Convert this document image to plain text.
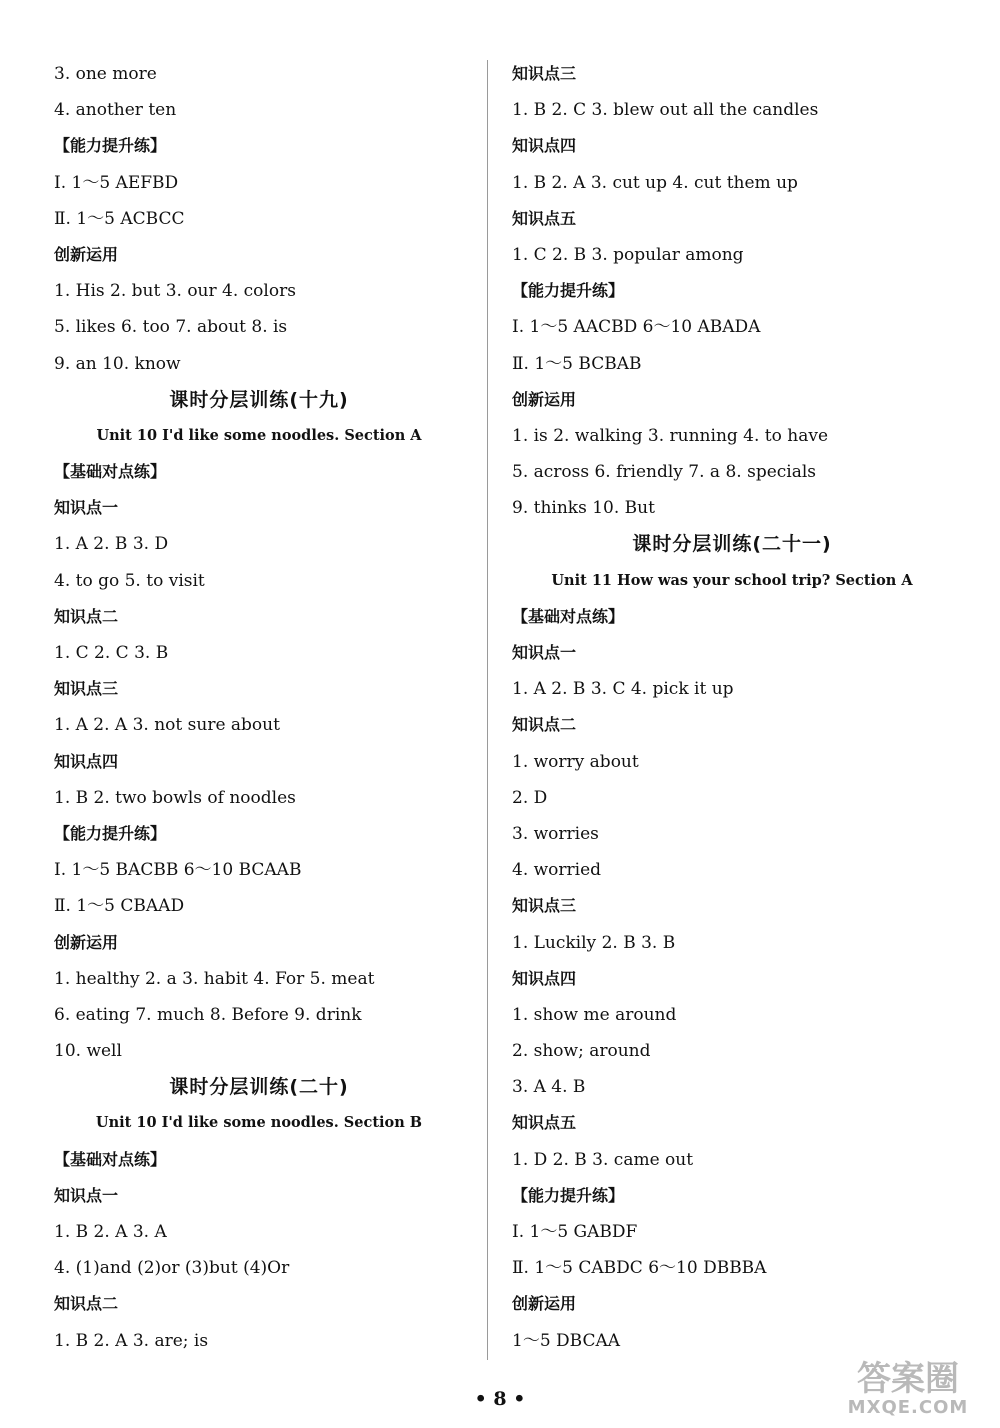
3. one more
4. another ten
【能力提升练】
Ⅰ. 1～5 AEFBD
Ⅱ. 1～5 ACBCC
创新运用
1. His 2. but 3. our 4. colors
5. likes 6. too 7. about 8. is
9. an 10. know
课时分层训练(十九)
Unit 10 I'd like some noodles. Section A
【基础对点练】
知识点一
1. A 2. B 3. D
4. to go 5. to visit
知识点二
1. C 2. C 3. B
知识点三
1. A 2. A 3. not sure about
知识点四
1. B 2. two bowls of noodles
【能力提升练】
Ⅰ. 1～5 BACBB 6～10 BCAAB
Ⅱ. 1～5 CBAAD
创新运用
1. healthy 2. a 3. habit 4. For 5. meat
6. eating 7. much 8. Before 9. drink
10. well
课时分层训练(二十)
Unit 10 I'd like some noodles. Section B
【基础对点练】
知识点一
1. B 2. A 3. A
4. (1)and (2)or (3)but (4)Or
知识点二
1. B 2. A 3. are; is
知识点三
1. B 2. C 3. blew out all the candles
知识点四
1. B 2. A 3. cut up 4. cut them up
知识点五
1. C 2. B 3. popular among
【能力提升练】
Ⅰ. 1～5 AACBD 6～10 ABADA
Ⅱ. 1～5 BCBAB
创新运用
1. is 2. walking 3. running 4. to have
5. across 6. friendly 7. a 8. specials
9. thinks 10. But
课时分层训练(二十一)
Unit 11 How was your school trip? Section A
【基础对点练】
知识点一
1. A 2. B 3. C 4. pick it up
知识点二
1. worry about
2. D
3. worries
4. worried
知识点三
1. Luckily 2. B 3. B
知识点四
1. show me around
2. show; around
3. A 4. B
知识点五
1. D 2. B 3. came out
【能力提升练】
Ⅰ. 1～5 GABDF
Ⅱ. 1～5 CABDC 6～10 DBBBA
创新运用
1～5 DBCAA
• 8 •	答案圈
MXQE.COM
